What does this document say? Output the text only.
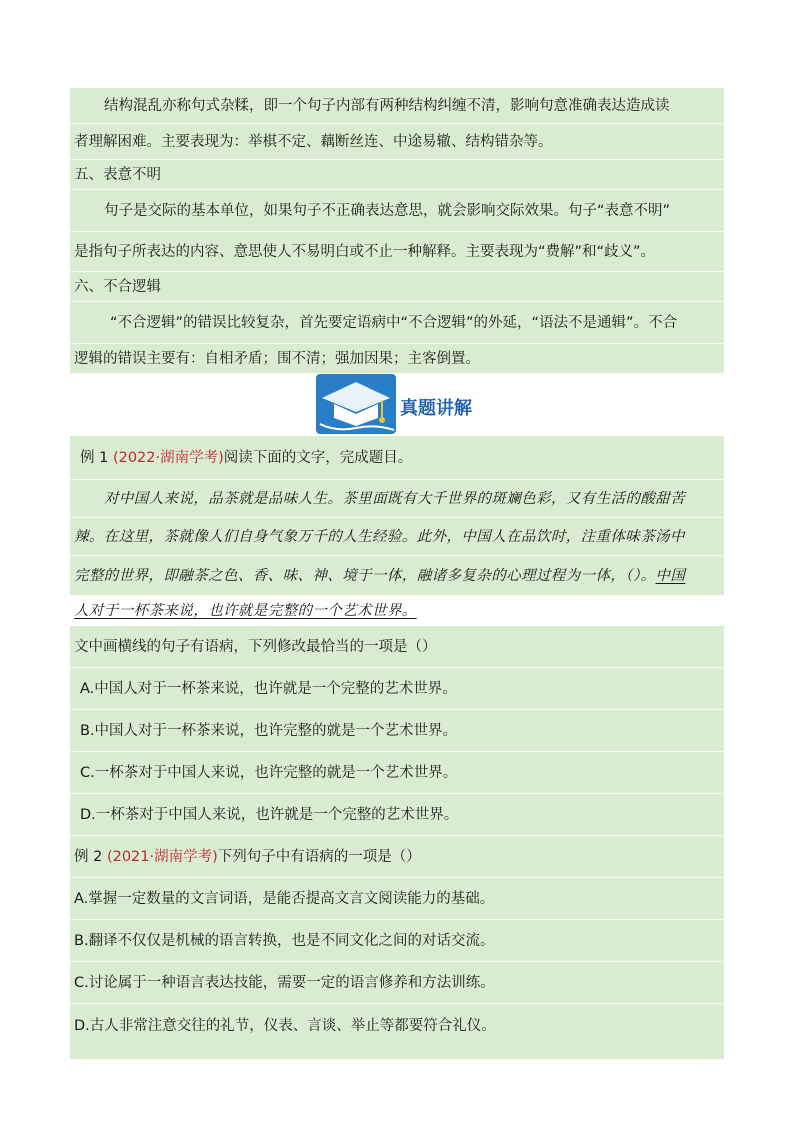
结构混乱亦称句式杂糅，即一个句子内部有两种结构纠缠不清，影响句意准确表达造成读
者理解困难。主要表现为：举棋不定、藕断丝连、中途易辙、结构错杂等。
五、表意不明
句子是交际的基本单位，如果句子不正确表达意思，就会影响交际效果。句子“表意不明”
是指句子所表达的内容、意思使人不易明白或不止一种解释。主要表现为“费解”和“歧义”。
六、不合逻辑
“不合逻辑”的错误比较复杂，首先要定语病中“不合逻辑”的外延，“语法不是通辑”。不合
逻辑的错误主要有：自相矛盾；围不清；强加因果；主客倒置。
真题讲解
例 1 (2022·湖南学考)阅读下面的文字，完成题目。
对中国人来说，品茶就是品味人生。茶里面既有大千世界的斑斓色彩，又有生活的酸甜苦
辣。在这里，茶就像人们自身气象万千的人生经验。此外，中国人在品饮时，注重体味茶汤中
完整的世界，即融茶之色、香、味、神、境于一体，融诸多复杂的心理过程为一体，（）。中国
人对于一杯茶来说，也许就是完整的一个艺术世界。
文中画横线的句子有语病，下列修改最恰当的一项是（）
A.中国人对于一杯茶来说，也许就是一个完整的艺术世界。
B.中国人对于一杯茶来说，也许完整的就是一个艺术世界。
C.一杯茶对于中国人来说，也许完整的就是一个艺术世界。
D.一杯茶对于中国人来说，也许就是一个完整的艺术世界。
例 2 (2021·湖南学考)下列句子中有语病的一项是（）
A.掌握一定数量的文言词语，是能否提高文言文阅读能力的基础。
B.翻译不仅仅是机械的语言转换，也是不同文化之间的对话交流。
C.讨论属于一种语言表达技能，需要一定的语言修养和方法训练。
D.古人非常注意交往的礼节，仪表、言谈、举止等都要符合礼仪。
